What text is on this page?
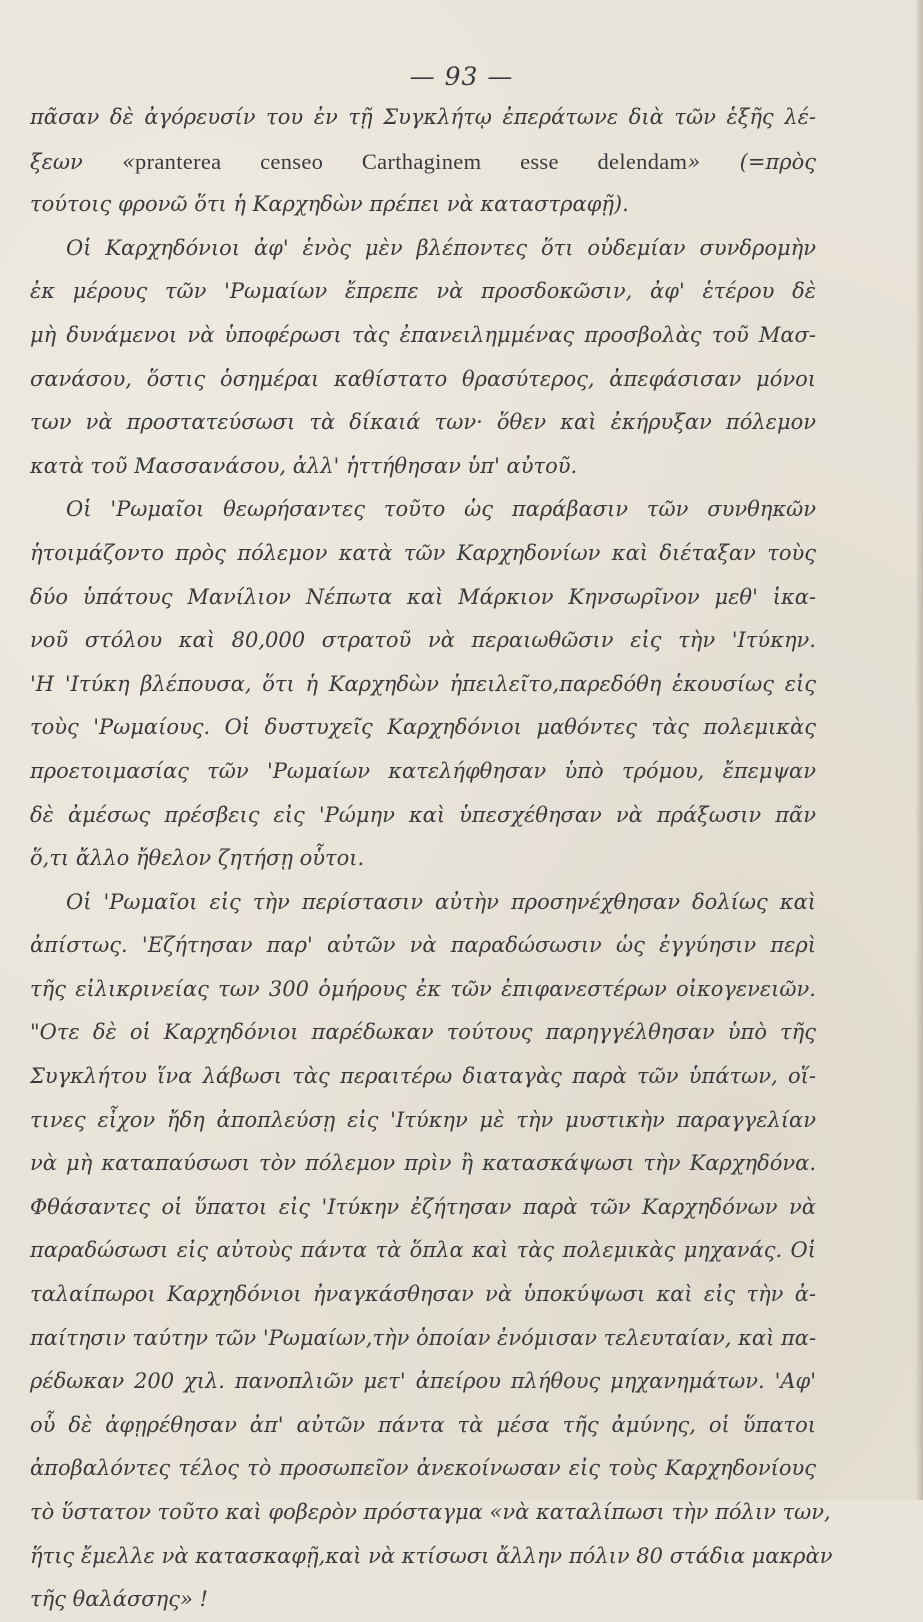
— 93 —
πᾶσαν δὲ ἀγόρευσίν του ἐν τῇ Συγκλήτῳ ἐπεράτωνε διὰ τῶν ἑξῆς λέ-
ξεων «pranterea censeo Carthaginem esse delendam» (=πρὸς
τούτοις φρονῶ ὅτι ἡ Καρχηδὼν πρέπει νὰ καταστραφῇ).
Οἱ Καρχηδόνιοι ἀφ' ἑνὸς μὲν βλέποντες ὅτι οὐδεμίαν συνδρομὴν
ἐκ μέρους τῶν 'Ρωμαίων ἔπρεπε νὰ προσδοκῶσιν, ἀφ' ἑτέρου δὲ
μὴ δυνάμενοι νὰ ὑποφέρωσι τὰς ἐπανειλημμένας προσβολὰς τοῦ Μασ-
σανάσου, ὅστις ὁσημέραι καθίστατο θρασύτερος, ἀπεφάσισαν μόνοι
των νὰ προστατεύσωσι τὰ δίκαιά των· ὅθεν καὶ ἐκήρυξαν πόλεμον
κατὰ τοῦ Μασσανάσου, ἀλλ' ἡττήθησαν ὑπ' αὐτοῦ.
Οἱ 'Ρωμαῖοι θεωρήσαντες τοῦτο ὡς παράβασιν τῶν συνθηκῶν
ἡτοιμάζοντο πρὸς πόλεμον κατὰ τῶν Καρχηδονίων καὶ διέταξαν τοὺς
δύο ὑπάτους Μανίλιον Νέπωτα καὶ Μάρκιον Κηνσωρῖνον μεθ' ἱκα-
νοῦ στόλου καὶ 80,000 στρατοῦ νὰ περαιωθῶσιν εἰς τὴν 'Ιτύκην.
'Η 'Ιτύκη βλέπουσα, ὅτι ἡ Καρχηδὼν ἠπειλεῖτο,παρεδόθη ἑκουσίως εἰς
τοὺς 'Ρωμαίους. Οἱ δυστυχεῖς Καρχηδόνιοι μαθόντες τὰς πολεμικὰς
προετοιμασίας τῶν 'Ρωμαίων κατελήφθησαν ὑπὸ τρόμου, ἔπεμψαν
δὲ ἀμέσως πρέσβεις εἰς 'Ρώμην καὶ ὑπεσχέθησαν νὰ πράξωσιν πᾶν
ὅ,τι ἄλλο ἤθελον ζητήσῃ οὗτοι.
Οἱ 'Ρωμαῖοι εἰς τὴν περίστασιν αὐτὴν προσηνέχθησαν δολίως καὶ
ἀπίστως. 'Εζήτησαν παρ' αὐτῶν νὰ παραδώσωσιν ὡς ἐγγύησιν περὶ
τῆς εἰλικρινείας των 300 ὁμήρους ἐκ τῶν ἐπιφανεστέρων οἰκογενειῶν.
"Οτε δὲ οἱ Καρχηδόνιοι παρέδωκαν τούτους παρηγγέλθησαν ὑπὸ τῆς
Συγκλήτου ἵνα λάβωσι τὰς περαιτέρω διαταγὰς παρὰ τῶν ὑπάτων, οἵ-
τινες εἶχον ἤδη ἀποπλεύσῃ εἰς 'Ιτύκην μὲ τὴν μυστικὴν παραγγελίαν
νὰ μὴ καταπαύσωσι τὸν πόλεμον πρὶν ἢ κατασκάψωσι τὴν Καρχηδόνα.
Φθάσαντες οἱ ὕπατοι εἰς 'Ιτύκην ἐζήτησαν παρὰ τῶν Καρχηδόνων νὰ
παραδώσωσι εἰς αὐτοὺς πάντα τὰ ὅπλα καὶ τὰς πολεμικὰς μηχανάς. Οἱ
ταλαίπωροι Καρχηδόνιοι ἠναγκάσθησαν νὰ ὑποκύψωσι καὶ εἰς τὴν ἀ-
παίτησιν ταύτην τῶν 'Ρωμαίων,τὴν ὁποίαν ἐνόμισαν τελευταίαν, καὶ πα-
ρέδωκαν 200 χιλ. πανοπλιῶν μετ' ἀπείρου πλήθους μηχανημάτων. 'Αφ'
οὗ δὲ ἀφῃρέθησαν ἀπ' αὐτῶν πάντα τὰ μέσα τῆς ἀμύνης, οἱ ὕπατοι
ἀποβαλόντες τέλος τὸ προσωπεῖον ἀνεκοίνωσαν εἰς τοὺς Καρχηδονίους
τὸ ὕστατον τοῦτο καὶ φοβερὸν πρόσταγμα «νὰ καταλίπωσι τὴν πόλιν των,
ἥτις ἔμελλε νὰ κατασκαφῇ,καὶ νὰ κτίσωσι ἄλλην πόλιν 80 στάδια μακρὰν
τῆς θαλάσσης» !
